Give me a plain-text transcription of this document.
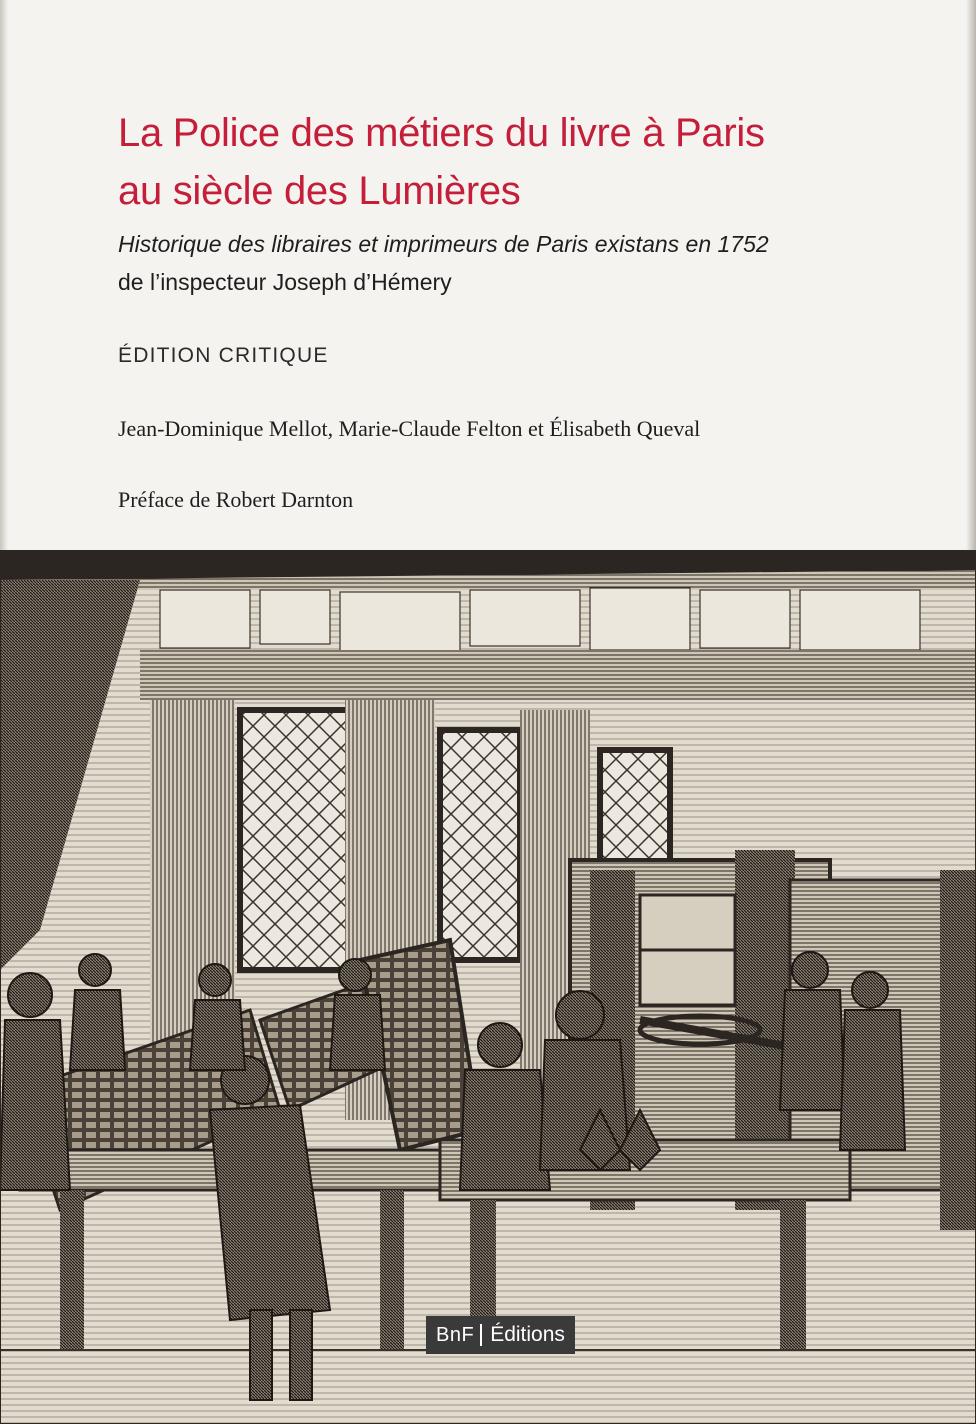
La Police des métiers du livre à Paris
au siècle des Lumières

Historique des libraires et imprimeurs de Paris existans en 1752

de l’inspecteur Joseph d’Hémery

ÉDITION CRITIQUE

Jean-Dominique Mellot, Marie-Claude Felton et Élisabeth Queval

Préface de Robert Darnton

BnF Éditions
